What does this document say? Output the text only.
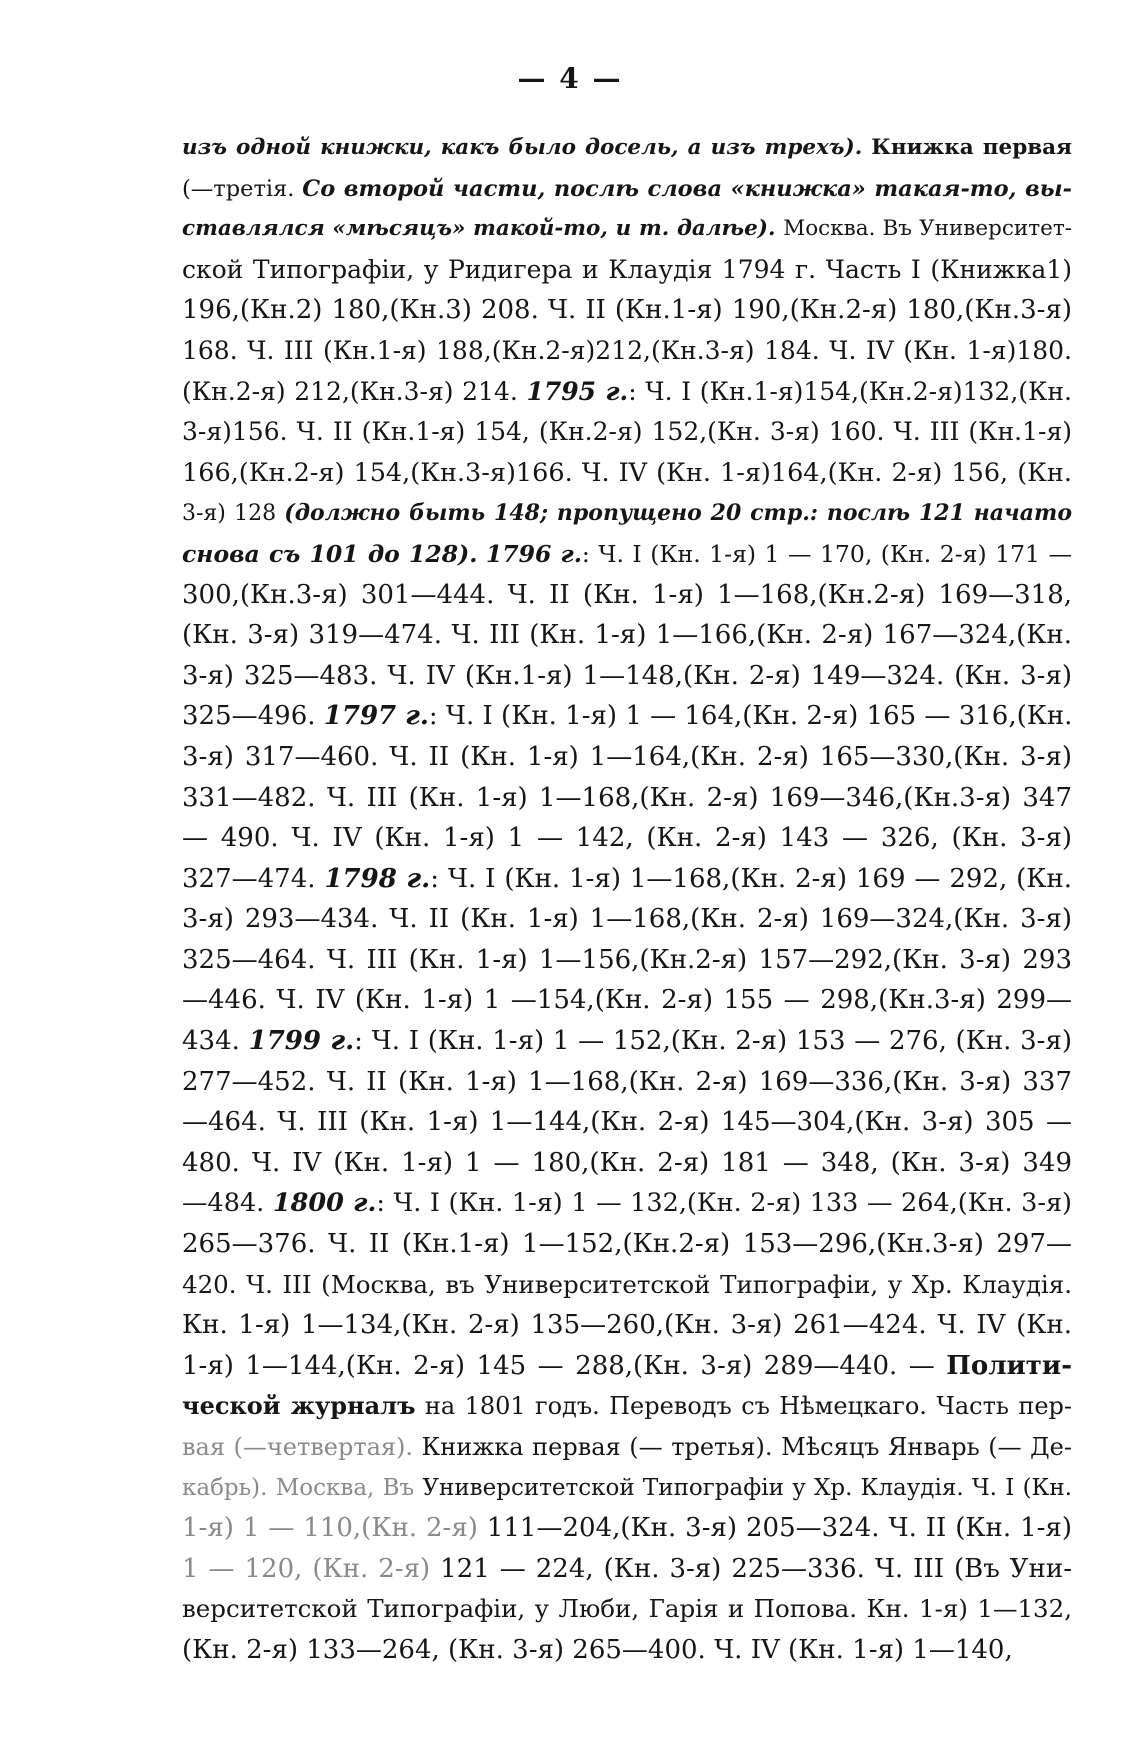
— 4 —
изъ одной книжки, какъ было досель, а изъ трехъ). Книжка первая
(—третія. Со второй части, послѣ слова «книжка» такая-то, вы-
ставлялся «мѣсяцъ» такой-то, и т. далѣе). Москва. Въ Университет-
ской Типографіи, у Ридигера и Клаудія 1794 г. Часть I (Книжка1)
196,(Кн.2) 180,(Кн.3) 208. Ч. II (Кн.1-я) 190,(Кн.2-я) 180,(Кн.3-я)
168. Ч. III (Кн.1-я) 188,(Кн.2-я)212,(Кн.3-я) 184. Ч. IV (Кн. 1-я)180.
(Кн.2-я) 212,(Кн.3-я) 214. 1795 г.: Ч. I (Кн.1-я)154,(Кн.2-я)132,(Кн.
3-я)156. Ч. II (Кн.1-я) 154, (Кн.2-я) 152,(Кн. 3-я) 160. Ч. III (Кн.1-я)
166,(Кн.2-я) 154,(Кн.3-я)166. Ч. IV (Кн. 1-я)164,(Кн. 2-я) 156, (Кн.
3-я) 128 (должно быть 148; пропущено 20 стр.: послѣ 121 начато
снова съ 101 до 128). 1796 г.: Ч. I (Кн. 1-я) 1 — 170, (Кн. 2-я) 171 —
300,(Кн.3-я) 301—444. Ч. II (Кн. 1-я) 1—168,(Кн.2-я) 169—318,
(Кн. 3-я) 319—474. Ч. III (Кн. 1-я) 1—166,(Кн. 2-я) 167—324,(Кн.
3-я) 325—483. Ч. IV (Кн.1-я) 1—148,(Кн. 2-я) 149—324. (Кн. 3-я)
325—496. 1797 г.: Ч. I (Кн. 1-я) 1 — 164,(Кн. 2-я) 165 — 316,(Кн.
3-я) 317—460. Ч. II (Кн. 1-я) 1—164,(Кн. 2-я) 165—330,(Кн. 3-я)
331—482. Ч. III (Кн. 1-я) 1—168,(Кн. 2-я) 169—346,(Кн.3-я) 347
— 490. Ч. IV (Кн. 1-я) 1 — 142, (Кн. 2-я) 143 — 326, (Кн. 3-я)
327—474. 1798 г.: Ч. I (Кн. 1-я) 1—168,(Кн. 2-я) 169 — 292, (Кн.
3-я) 293—434. Ч. II (Кн. 1-я) 1—168,(Кн. 2-я) 169—324,(Кн. 3-я)
325—464. Ч. III (Кн. 1-я) 1—156,(Кн.2-я) 157—292,(Кн. 3-я) 293
—446. Ч. IV (Кн. 1-я) 1 —154,(Кн. 2-я) 155 — 298,(Кн.3-я) 299—
434. 1799 г.: Ч. I (Кн. 1-я) 1 — 152,(Кн. 2-я) 153 — 276, (Кн. 3-я)
277—452. Ч. II (Кн. 1-я) 1—168,(Кн. 2-я) 169—336,(Кн. 3-я) 337
—464. Ч. III (Кн. 1-я) 1—144,(Кн. 2-я) 145—304,(Кн. 3-я) 305 —
480. Ч. IV (Кн. 1-я) 1 — 180,(Кн. 2-я) 181 — 348, (Кн. 3-я) 349
—484. 1800 г.: Ч. I (Кн. 1-я) 1 — 132,(Кн. 2-я) 133 — 264,(Кн. 3-я)
265—376. Ч. II (Кн.1-я) 1—152,(Кн.2-я) 153—296,(Кн.3-я) 297—
420. Ч. III (Москва, въ Университетской Типографіи, у Хр. Клаудія.
Кн. 1-я) 1—134,(Кн. 2-я) 135—260,(Кн. 3-я) 261—424. Ч. IV (Кн.
1-я) 1—144,(Кн. 2-я) 145 — 288,(Кн. 3-я) 289—440. — Полити-
ческой журналъ на 1801 годъ. Переводъ съ Нѣмецкаго. Часть пер-
вая (—четвертая). Книжка первая (— третья). Мѣсяцъ Январь (— Де-
кабрь). Москва, Въ Университетской Типографіи у Хр. Клаудія. Ч. I (Кн.
1-я) 1 — 110,(Кн. 2-я) 111—204,(Кн. 3-я) 205—324. Ч. II (Кн. 1-я)
1 — 120, (Кн. 2-я) 121 — 224, (Кн. 3-я) 225—336. Ч. III (Въ Уни-
верситетской Типографіи, у Люби, Гарія и Попова. Кн. 1-я) 1—132,
(Кн. 2-я) 133—264, (Кн. 3-я) 265—400. Ч. IV (Кн. 1-я) 1—140,
